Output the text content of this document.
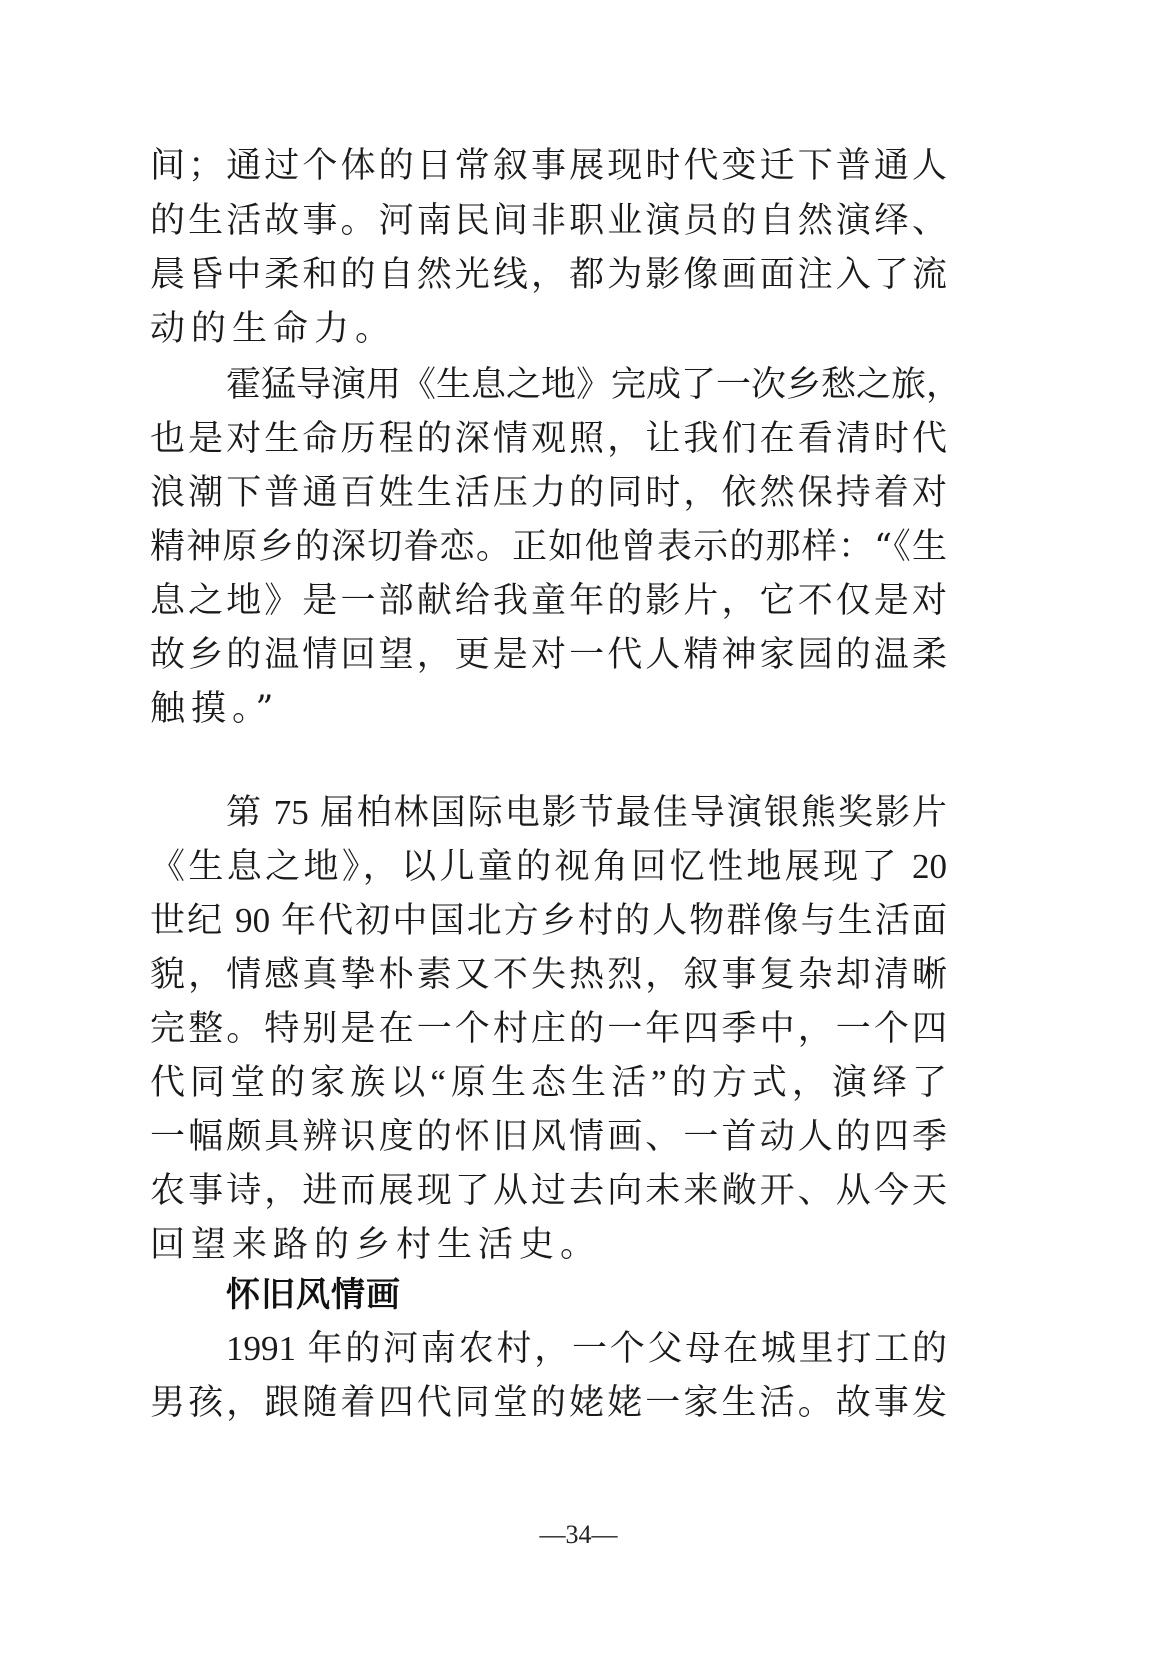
间；通过个体的日常叙事展现时代变迁下普通人
的生活故事。河南民间非职业演员的自然演绎、
晨昏中柔和的自然光线，都为影像画面注入了流
动的生命力。
霍猛导演用《生息之地》完成了一次乡愁之旅，
也是对生命历程的深情观照，让我们在看清时代
浪潮下普通百姓生活压力的同时，依然保持着对
精神原乡的深切眷恋。正如他曾表示的那样：“《生
息之地》是一部献给我童年的影片，它不仅是对
故乡的温情回望，更是对一代人精神家园的温柔
触摸。”
第 75 届柏林国际电影节最佳导演银熊奖影片
《生息之地》，以儿童的视角回忆性地展现了 20
世纪 90 年代初中国北方乡村的人物群像与生活面
貌，情感真挚朴素又不失热烈，叙事复杂却清晰
完整。特别是在一个村庄的一年四季中，一个四
代同堂的家族以“原生态生活”的方式，演绎了
一幅颇具辨识度的怀旧风情画、一首动人的四季
农事诗，进而展现了从过去向未来敞开、从今天
回望来路的乡村生活史。
怀旧风情画
1991 年的河南农村，一个父母在城里打工的
男孩，跟随着四代同堂的姥姥一家生活。故事发
—34—
